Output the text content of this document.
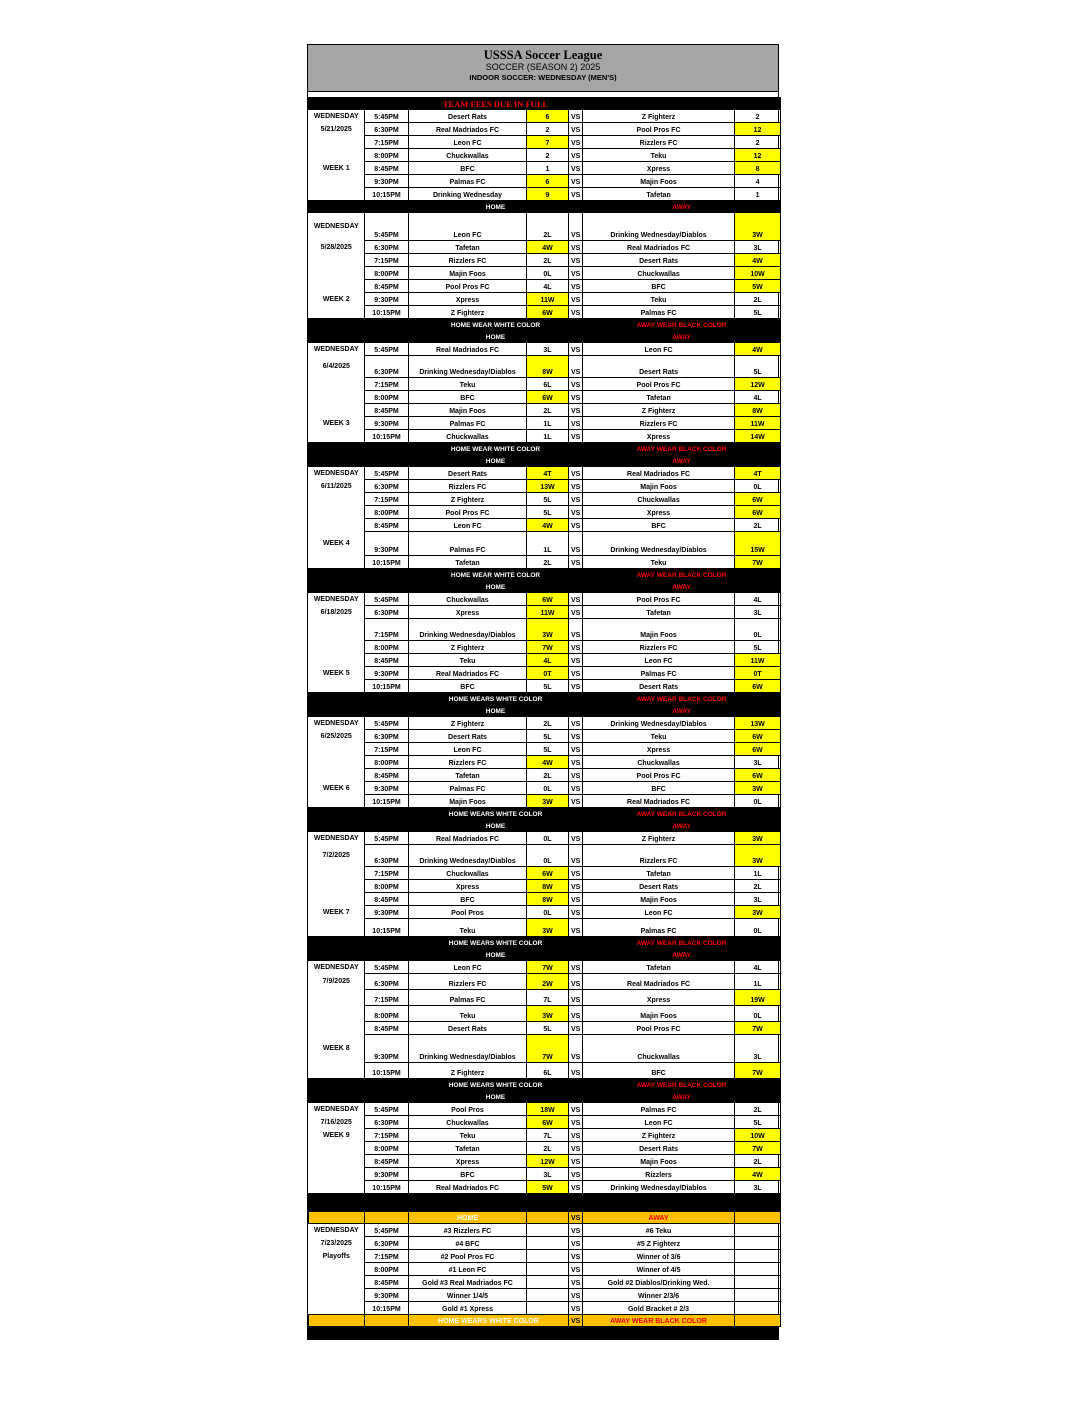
USSSA Soccer League
SOCCER (SEASON 2) 2025
INDOOR SOCCER: WEDNESDAY (MEN'S)
		TEAM FEES DUE IN FULL				
WEDNESDAY	5:45PM	Desert Rats	6	VS	Z Fighterz	2
5/21/2025	6:30PM	Real Madriados FC	2	VS	Pool Pros FC	12
	7:15PM	Leon FC	7	VS	Rizzlers FC	2
	8:00PM	Chuckwallas	2	VS	Teku	12
WEEK 1	8:45PM	BFC	1	VS	Xpress	8
	9:30PM	Palmas FC	6	VS	Majin Foos	4
	10:15PM	Drinking Wednesday	9	VS	Tafetan	1
		HOME			AWAY	
WEDNESDAY	5:45PM	Leon FC	2L	VS	Drinking Wednesday/Diablos	3W
5/28/2025	6:30PM	Tafetan	4W	VS	Real Madriados FC	3L
	7:15PM	Rizzlers FC	2L	VS	Desert Rats	4W
	8:00PM	Majin Foos	0L	VS	Chuckwallas	10W
	8:45PM	Pool Pros FC	4L	VS	BFC	5W
WEEK 2	9:30PM	Xpress	11W	VS	Teku	2L
	10:15PM	Z Fighterz	6W	VS	Palmas FC	5L
		HOME WEAR WHITE COLOR			AWAY WEAR BLACK COLOR	
		HOME			AWAY	
WEDNESDAY	5:45PM	Real Madriados FC	3L	VS	Leon FC	4W
6/4/2025	6:30PM	Drinking Wednesday/Diablos	8W	VS	Desert Rats	5L
	7:15PM	Teku	6L	VS	Pool Pros FC	12W
	8:00PM	BFC	6W	VS	Tafetan	4L
	8:45PM	Majin Foos	2L	VS	Z Fighterz	8W
WEEK 3	9:30PM	Palmas FC	1L	VS	Rizzlers FC	11W
	10:15PM	Chuckwallas	1L	VS	Xpress	14W
		HOME WEAR WHITE COLOR			AWAY WEAR BLACK COLOR	
		HOME			AWAY	
WEDNESDAY	5:45PM	Desert Rats	4T	VS	Real Madriados FC	4T
6/11/2025	6:30PM	Rizzlers FC	13W	VS	Majin Foos	0L
	7:15PM	Z Fighterz	5L	VS	Chuckwallas	6W
	8:00PM	Pool Pros FC	5L	VS	Xpress	6W
	8:45PM	Leon FC	4W	VS	BFC	2L
WEEK 4	9:30PM	Palmas FC	1L	VS	Drinking Wednesday/Diablos	15W
	10:15PM	Tafetan	2L	VS	Teku	7W
		HOME WEAR WHITE COLOR			AWAY WEAR BLACK COLOR	
		HOME			AWAY	
WEDNESDAY	5:45PM	Chuckwallas	6W	VS	Pool Pros FC	4L
6/18/2025	6:30PM	Xpress	11W	VS	Tafetan	3L
	7:15PM	Drinking Wednesday/Diablos	3W	VS	Majin Foos	0L
	8:00PM	Z Fighterz	7W	VS	Rizzlers FC	5L
	8:45PM	Teku	4L	VS	Leon FC	11W
WEEK 5	9:30PM	Real Madriados FC	0T	VS	Palmas FC	0T
	10:15PM	BFC	5L	VS	Desert Rats	6W
		HOME WEARS WHITE COLOR			AWAY WEAR BLACK COLOR	
		HOME			AWAY	
WEDNESDAY	5:45PM	Z Fighterz	2L	VS	Drinking Wednesday/Diablos	13W
6/25/2025	6:30PM	Desert Rats	5L	VS	Teku	6W
	7:15PM	Leon FC	5L	VS	Xpress	6W
	8:00PM	Rizzlers FC	4W	VS	Chuckwallas	3L
	8:45PM	Tafetan	2L	VS	Pool Pros FC	6W
WEEK 6	9:30PM	Palmas FC	0L	VS	BFC	3W
	10:15PM	Majin Foos	3W	VS	Real Madriados FC	0L
		HOME WEARS WHITE COLOR			AWAY WEAR BLACK COLOR	
		HOME			AWAY	
WEDNESDAY	5:45PM	Real Madriados FC	0L	VS	Z Fighterz	3W
7/2/2025	6:30PM	Drinking Wednesday/Diablos	0L	VS	Rizzlers FC	3W
	7:15PM	Chuckwallas	6W	VS	Tafetan	1L
	8:00PM	Xpress	8W	VS	Desert Rats	2L
	8:45PM	BFC	8W	VS	Majin Foos	3L
WEEK 7	9:30PM	Pool Pros	0L	VS	Leon FC	3W
	10:15PM	Teku	3W	VS	Palmas FC	0L
		HOME WEARS WHITE COLOR			AWAY WEAR BLACK COLOR	
		HOME			AWAY	
WEDNESDAY	5:45PM	Leon FC	7W	VS	Tafetan	4L
7/9/2025	6:30PM	Rizzlers FC	2W	VS	Real Madriados FC	1L
	7:15PM	Palmas FC	7L	VS	Xpress	19W
	8:00PM	Teku	3W	VS	Majin Foos	0L
	8:45PM	Desert Rats	5L	VS	Pool Pros FC	7W
WEEK 8	9:30PM	Drinking Wednesday/Diablos	7W	VS	Chuckwallas	3L
	10:15PM	Z Fighterz	6L	VS	BFC	7W
		HOME WEARS WHITE COLOR			AWAY WEAR BLACK COLOR	
		HOME			AWAY	
WEDNESDAY	5:45PM	Pool Pros	18W	VS	Palmas FC	2L
7/16/2025	6:30PM	Chuckwallas	6W	VS	Leon FC	5L
WEEK 9	7:15PM	Teku	7L	VS	Z Fighterz	10W
	8:00PM	Tafetan	2L	VS	Desert Rats	7W
	8:45PM	Xpress	12W	VS	Majin Foos	2L
	9:30PM	BFC	3L	VS	Rizzlers	4W
	10:15PM	Real Madriados FC	5W	VS	Drinking Wednesday/Diablos	3L

		HOME		VS	AWAY	
WEDNESDAY	5:45PM	#3 Rizzlers FC		VS	#6 Teku	
7/23/2025	6:30PM	#4 BFC		VS	#5 Z Fighterz	
Playoffs	7:15PM	#2 Pool Pros FC		VS	Winner of 3/6	
	8:00PM	#1 Leon FC		VS	Winner of 4/5	
	8:45PM	Gold #3 Real Madriados FC		VS	Gold #2 Diablos/Drinking Wed.	
	9:30PM	Winner 1/4/5		VS	Winner 2/3/6	
	10:15PM	Gold #1 Xpress		VS	Gold Bracket # 2/3	
		HOME WEARS WHITE COLOR		VS	AWAY WEAR BLACK COLOR	
